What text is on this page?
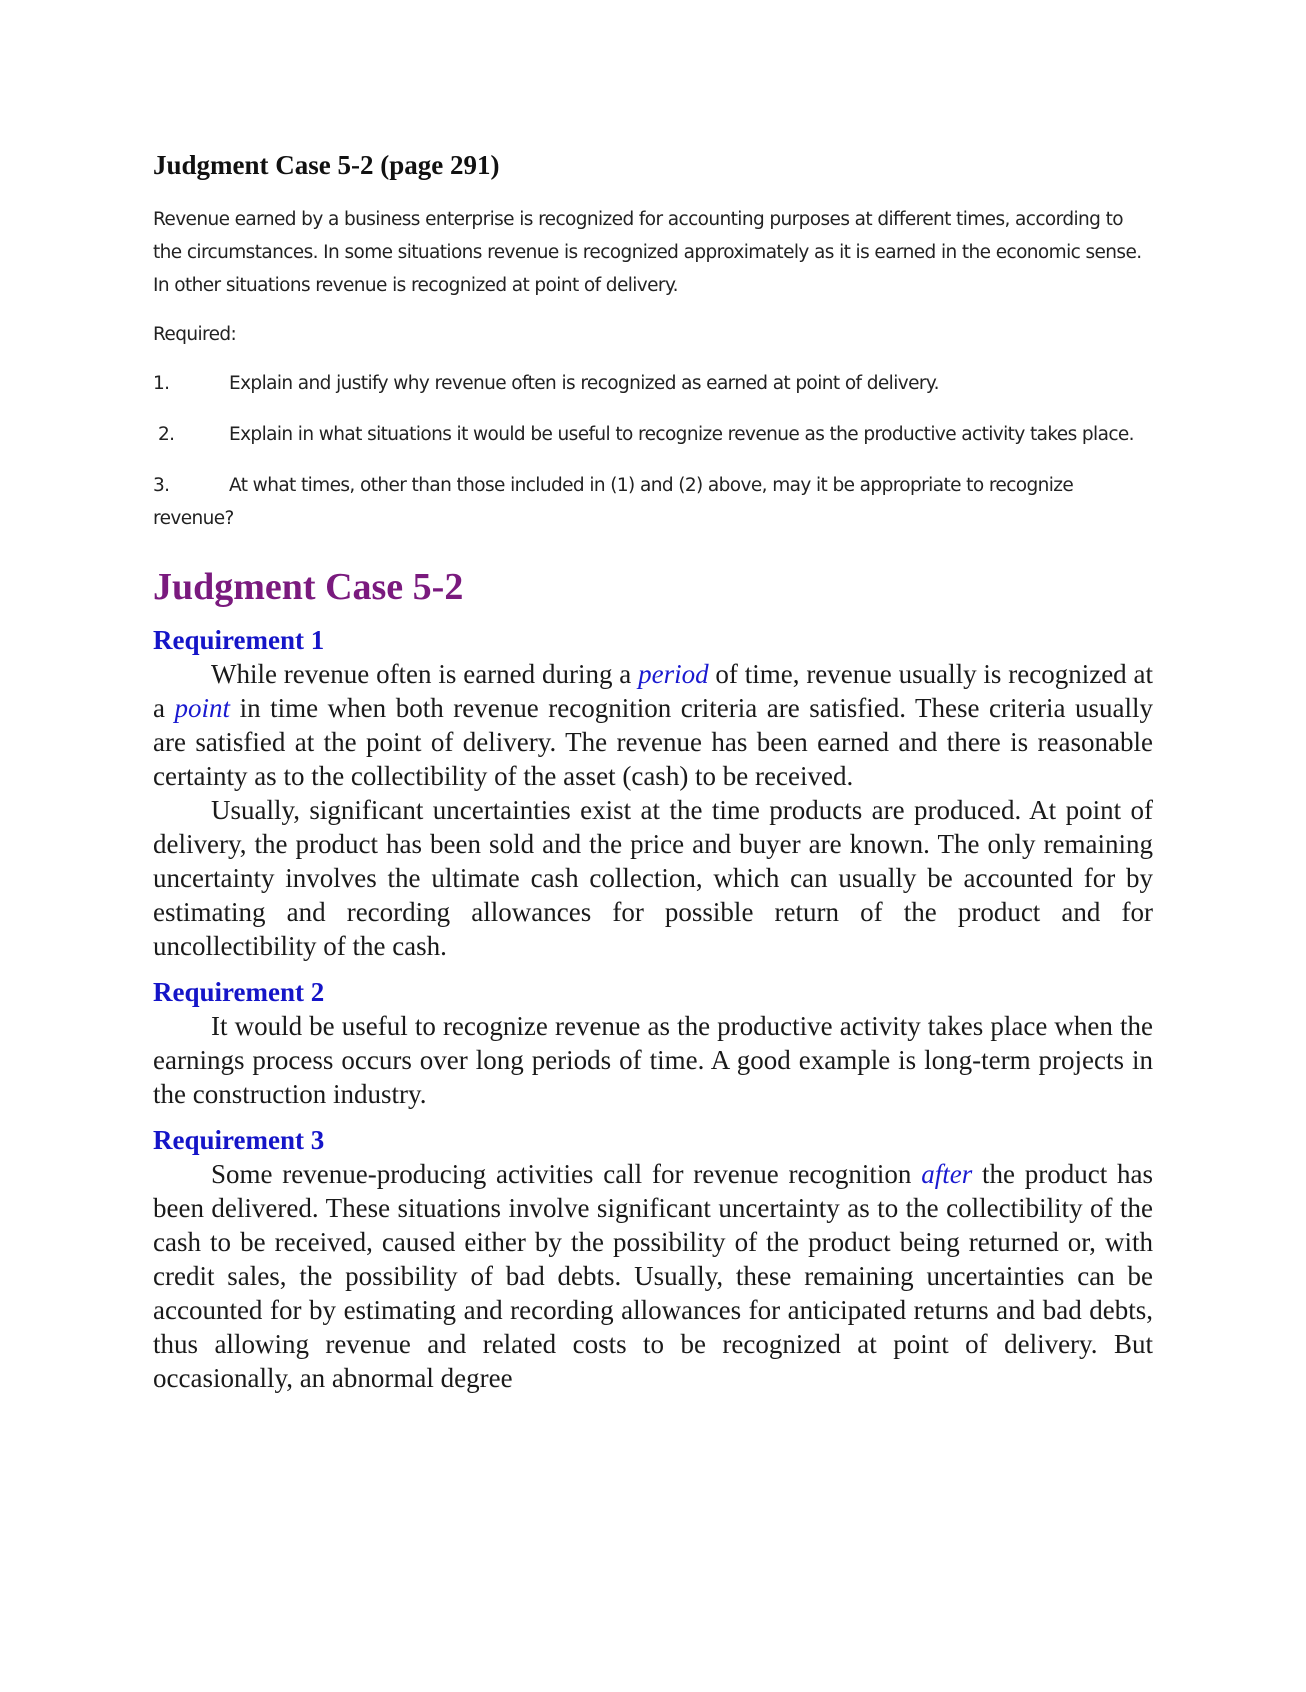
Judgment Case 5-2 (page 291)

Revenue earned by a business enterprise is recognized for accounting purposes at different times, according to the circumstances. In some situations revenue is recognized approximately as it is earned in the economic sense. In other situations revenue is recognized at point of delivery.

Required:

1.	Explain and justify why revenue often is recognized as earned at point of delivery.

2.	Explain in what situations it would be useful to recognize revenue as the productive activity takes place.

3.	At what times, other than those included in (1) and (2) above, may it be appropriate to recognize revenue?

Judgment Case 5-2
Requirement 1

While revenue often is earned during a period of time, revenue usually is recognized at a point in time when both revenue recognition criteria are satisfied. These criteria usually are satisfied at the point of delivery. The revenue has been earned and there is reasonable certainty as to the collectibility of the asset (cash) to be received.

Usually, significant uncertainties exist at the time products are produced. At point of delivery, the product has been sold and the price and buyer are known. The only remaining uncertainty involves the ultimate cash collection, which can usually be accounted for by estimating and recording allowances for possible return of the product and for uncollectibility of the cash.

Requirement 2

It would be useful to recognize revenue as the productive activity takes place when the earnings process occurs over long periods of time. A good example is long-term projects in the construction industry.

Requirement 3

Some revenue-producing activities call for revenue recognition after the product has been delivered. These situations involve significant uncertainty as to the collectibility of the cash to be received, caused either by the possibility of the product being returned or, with credit sales, the possibility of bad debts. Usually, these remaining uncertainties can be accounted for by estimating and recording allowances for anticipated returns and bad debts, thus allowing revenue and related costs to be recognized at point of delivery. But occasionally, an abnormal degree
